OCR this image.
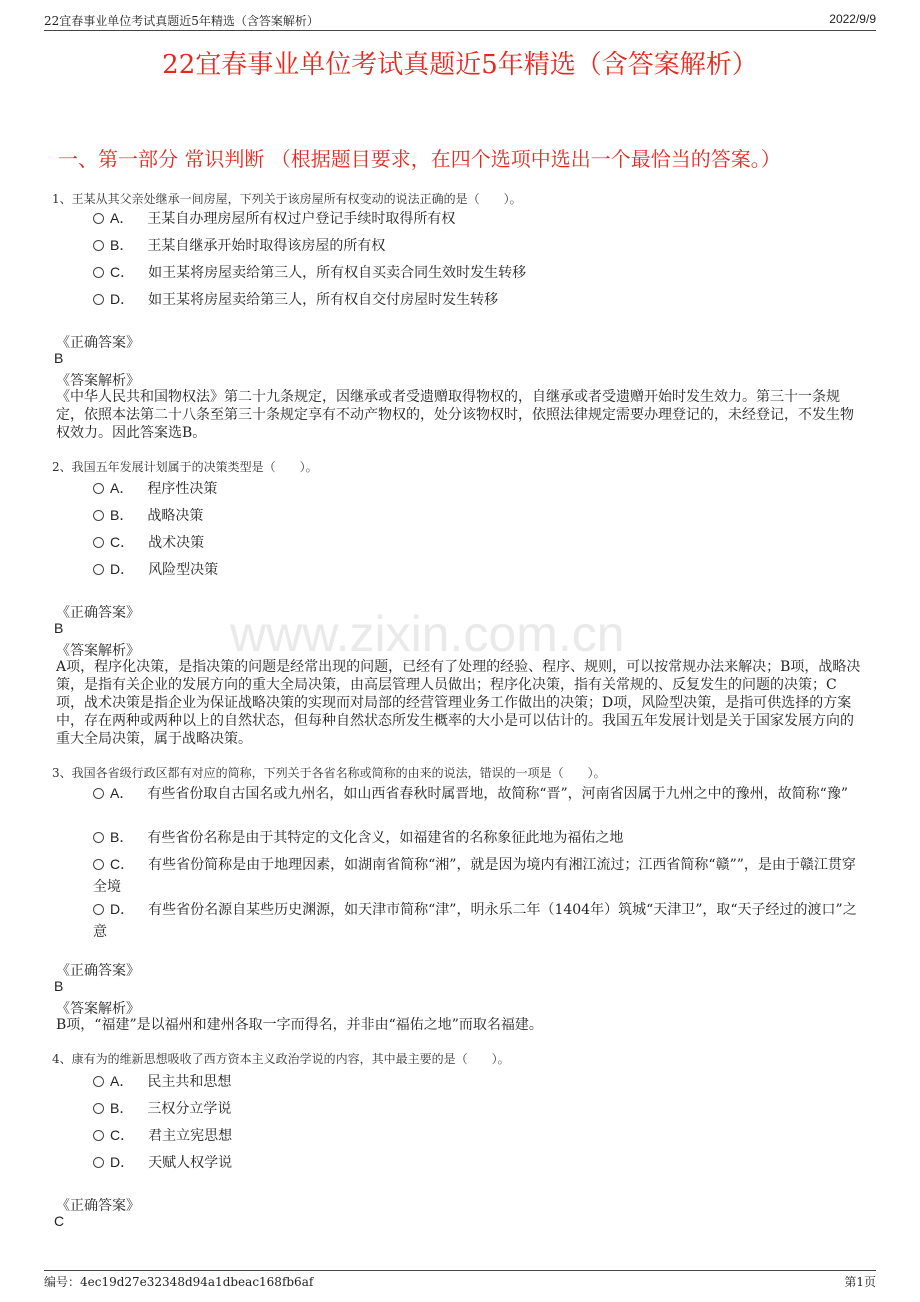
22宜春事业单位考试真题近5年精选（含答案解析）	2022/9/9
22宜春事业单位考试真题近5年精选（含答案解析）
一、第一部分 常识判断 （根据题目要求，在四个选项中选出一个最恰当的答案。）
www.zixin.com.cn
1、王某从其父亲处继承一间房屋，下列关于该房屋所有权变动的说法正确的是（　　）。
A． 王某自办理房屋所有权过户登记手续时取得所有权
B． 王某自继承开始时取得该房屋的所有权
C． 如王某将房屋卖给第三人，所有权自买卖合同生效时发生转移
D． 如王某将房屋卖给第三人，所有权自交付房屋时发生转移
《正确答案》
B
《答案解析》
《中华人民共和国物权法》第二十九条规定，因继承或者受遗赠取得物权的，自继承或者受遗赠开始时发生效力。第三十一条规定，依照本法第二十八条至第三十条规定享有不动产物权的，处分该物权时，依照法律规定需要办理登记的，未经登记，不发生物权效力。因此答案选B。
2、我国五年发展计划属于的决策类型是（　　）。
A． 程序性决策
B． 战略决策
C． 战术决策
D． 风险型决策
《正确答案》
B
《答案解析》
A项，程序化决策，是指决策的问题是经常出现的问题，已经有了处理的经验、程序、规则，可以按常规办法来解决；B项，战略决策，是指有关企业的发展方向的重大全局决策，由高层管理人员做出；程序化决策，指有关常规的、反复发生的问题的决策；C项，战术决策是指企业为保证战略决策的实现而对局部的经营管理业务工作做出的决策；D项，风险型决策，是指可供选择的方案中，存在两种或两种以上的自然状态，但每种自然状态所发生概率的大小是可以估计的。我国五年发展计划是关于国家发展方向的重大全局决策，属于战略决策。
3、我国各省级行政区都有对应的简称，下列关于各省名称或简称的由来的说法，错误的一项是（　　）。
A． 有些省份取自古国名或九州名，如山西省春秋时属晋地，故简称“晋”，河南省因属于九州之中的豫州，故简称“豫”
B． 有些省份名称是由于其特定的文化含义，如福建省的名称象征此地为福佑之地
C． 有些省份简称是由于地理因素，如湖南省简称“湘”，就是因为境内有湘江流过；江西省简称“赣””，是由于赣江贯穿全境
D． 有些省份名源自某些历史渊源，如天津市简称“津”，明永乐二年（1404年）筑城“天津卫”，取“天子经过的渡口”之意
《正确答案》
B
《答案解析》
B项，“福建”是以福州和建州各取一字而得名，并非由“福佑之地”而取名福建。
4、康有为的维新思想吸收了西方资本主义政治学说的内容，其中最主要的是（　　）。
A． 民主共和思想
B． 三权分立学说
C． 君主立宪思想
D． 天赋人权学说
《正确答案》
C
编号：4ec19d27e32348d94a1dbeac168fb6af	第1页
